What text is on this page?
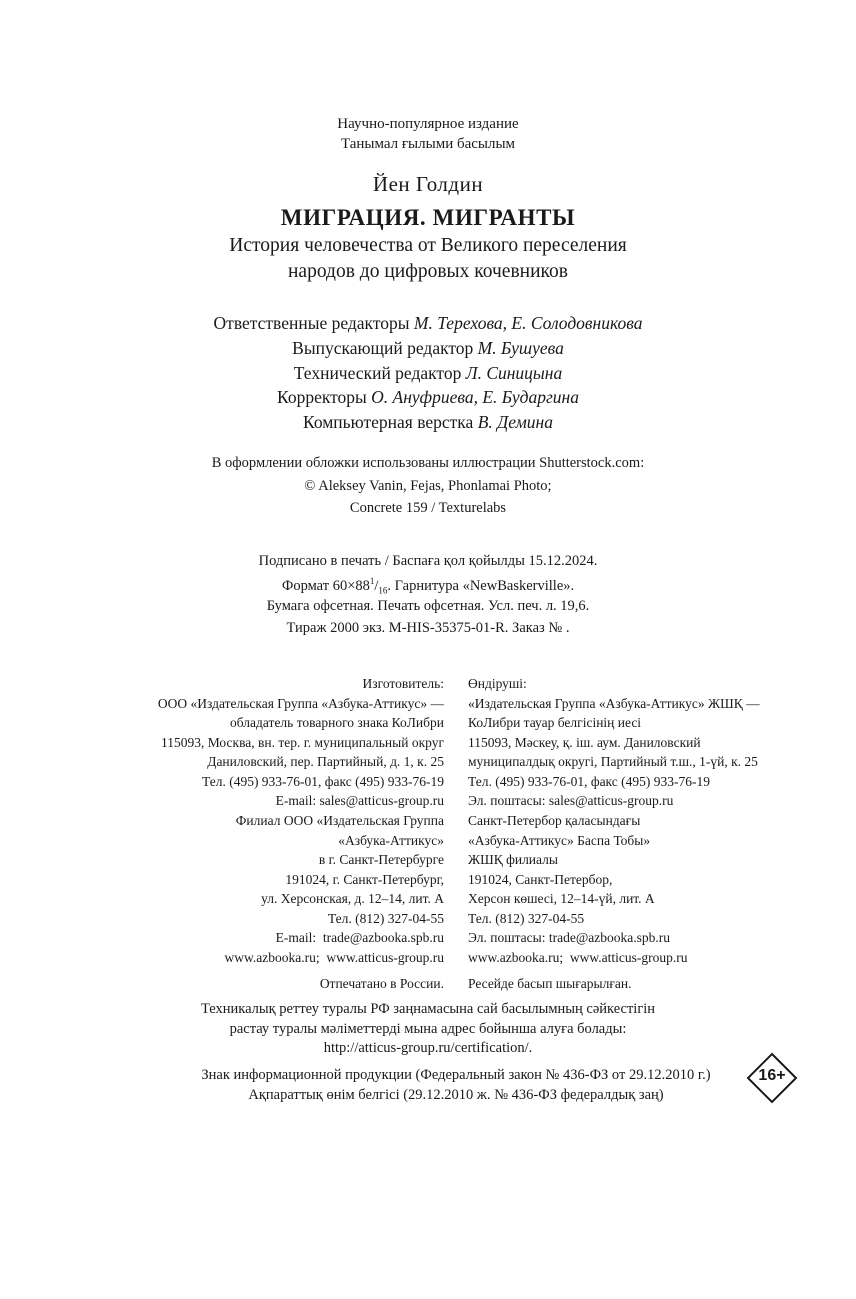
Научно-популярное издание
Танымал ғылыми басылым
Йен Голдин
МИГРАЦИЯ. МИГРАНТЫ
История человечества от Великого переселения
народов до цифровых кочевников
Ответственные редакторы М. Терехова, Е. Солодовникова
Выпускающий редактор М. Бушуева
Технический редактор Л. Синицына
Корректоры О. Ануфриева, Е. Бударгина
Компьютерная верстка В. Демина
В оформлении обложки использованы иллюстрации Shutterstock.com:
© Aleksey Vanin, Fejas, Phonlamai Photo;
Concrete 159 / Texturelabs
Подписано в печать / Баспаға қол қойылды 15.12.2024.
Формат $60\times 88^1/_{16}$. Гарнитура «NewBaskerville».
Бумага офсетная. Печать офсетная. Усл. печ. л. 19,6.
Тираж 2000 экз. M-HIS-35375-01-R. Заказ № .
Изготовитель:
ООО «Издательская Группа «Азбука-Аттикус» —
обладатель товарного знака КоЛибри
115093, Москва, вн. тер. г. муниципальный округ
Даниловский, пер. Партийный, д. 1, к. 25
Тел. (495) 933-76-01, факс (495) 933-76-19
E-mail: sales@atticus-group.ru
Өндіруші:
«Издательская Группа «Азбука-Аттикус» ЖШҚ —
КоЛибри тауар белгісінің иесі
115093, Мәскеу, қ. іш. аум. Даниловский
муниципалдық округі, Партийный т.ш., 1-үй, к. 25
Тел. (495) 933-76-01, факс (495) 933-76-19
Эл. поштасы: sales@atticus-group.ru
Филиал ООО «Издательская Группа
«Азбука-Аттикус»
в г. Санкт-Петербурге
191024, г. Санкт-Петербург,
ул. Херсонская, д. 12–14, лит. А
Тел. (812) 327-04-55
E-mail:  trade@azbooka.spb.ru
Санкт-Петербор қаласындағы
«Азбука-Аттикус» Баспа Тобы»
ЖШҚ филиалы
191024, Санкт-Петербор,
Херсон көшесі, 12–14-үй, лит. А
Тел. (812) 327-04-55
Эл. поштасы: trade@azbooka.spb.ru
www.azbooka.ru;  www.atticus-group.ru www.azbooka.ru;  www.atticus-group.ru
Отпечатано в России. Ресейде басып шығарылған.
Техникалық реттеу туралы РФ заңнамасына сай басылымның сәйкестігін
растау туралы мәліметтерді мына адрес бойынша алуға болады:
http://atticus-group.ru/certification/.
Знак информационной продукции (Федеральный закон № 436-ФЗ от 29.12.2010 г.)
Ақпараттық өнім белгісі (29.12.2010 ж. № 436-ФЗ федералдық заң)
16+
